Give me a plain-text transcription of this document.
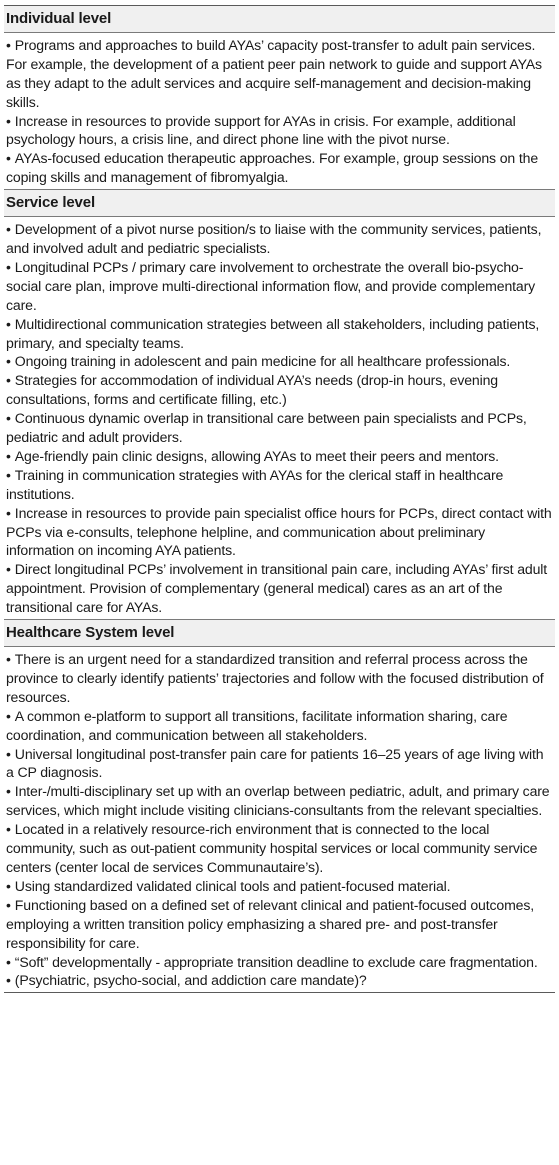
Individual level
• Programs and approaches to build AYAs’ capacity post-transfer to adult pain services. For example, the development of a patient peer pain network to guide and support AYAs as they adapt to the adult services and acquire self-management and decision-making skills.
• Increase in resources to provide support for AYAs in crisis. For example, additional psychology hours, a crisis line, and direct phone line with the pivot nurse.
• AYAs-focused education therapeutic approaches. For example, group sessions on the coping skills and management of fibromyalgia.
Service level
• Development of a pivot nurse position/s to liaise with the community services, patients, and involved adult and pediatric specialists.
• Longitudinal PCPs / primary care involvement to orchestrate the overall bio-psycho-social care plan, improve multi-directional information flow, and provide complementary care.
• Multidirectional communication strategies between all stakeholders, including patients, primary, and specialty teams.
• Ongoing training in adolescent and pain medicine for all healthcare professionals.
• Strategies for accommodation of individual AYA’s needs (drop-in hours, evening consultations, forms and certificate filling, etc.)
• Continuous dynamic overlap in transitional care between pain specialists and PCPs, pediatric and adult providers.
• Age-friendly pain clinic designs, allowing AYAs to meet their peers and mentors.
• Training in communication strategies with AYAs for the clerical staff in healthcare institutions.
• Increase in resources to provide pain specialist office hours for PCPs, direct contact with PCPs via e-consults, telephone helpline, and communication about preliminary information on incoming AYA patients.
• Direct longitudinal PCPs’ involvement in transitional pain care, including AYAs’ first adult appointment. Provision of complementary (general medical) cares as an art of the transitional care for AYAs.
Healthcare System level
• There is an urgent need for a standardized transition and referral process across the province to clearly identify patients’ trajectories and follow with the focused distribution of resources.
• A common e-platform to support all transitions, facilitate information sharing, care coordination, and communication between all stakeholders.
• Universal longitudinal post-transfer pain care for patients 16–25 years of age living with a CP diagnosis.
• Inter-/multi-disciplinary set up with an overlap between pediatric, adult, and primary care services, which might include visiting clinicians-consultants from the relevant specialties.
• Located in a relatively resource-rich environment that is connected to the local community, such as out-patient community hospital services or local community service centers (center local de services Communautaire’s).
• Using standardized validated clinical tools and patient-focused material.
• Functioning based on a defined set of relevant clinical and patient-focused outcomes, employing a written transition policy emphasizing a shared pre- and post-transfer responsibility for care.
• “Soft” developmentally - appropriate transition deadline to exclude care fragmentation.
• (Psychiatric, psycho-social, and addiction care mandate)?
